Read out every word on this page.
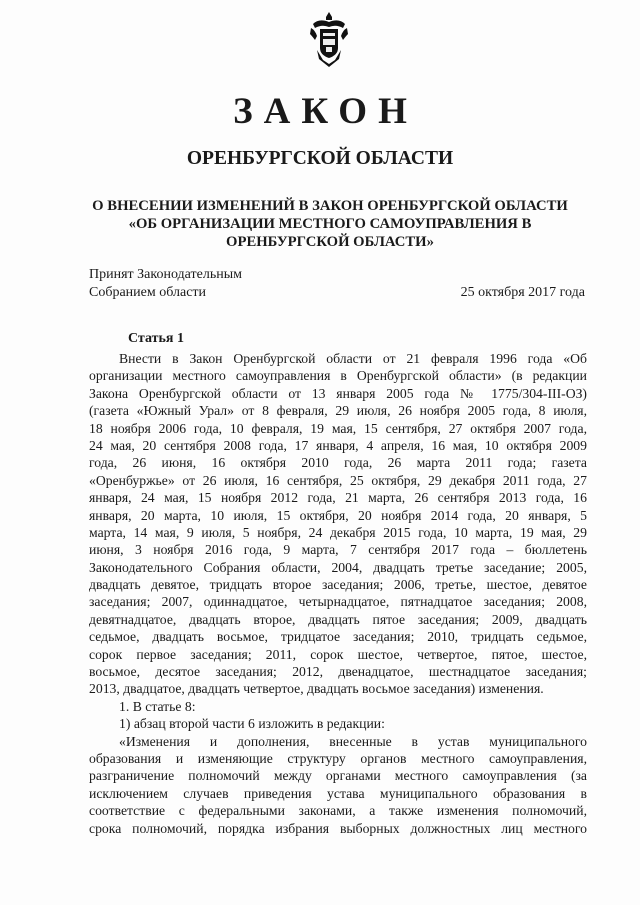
ЗАКОН
ОРЕНБУРГСКОЙ ОБЛАСТИ
О ВНЕСЕНИИ ИЗМЕНЕНИЙ В ЗАКОН ОРЕНБУРГСКОЙ ОБЛАСТИ
«ОБ ОРГАНИЗАЦИИ МЕСТНОГО САМОУПРАВЛЕНИЯ В
ОРЕНБУРГСКОЙ ОБЛАСТИ»
Принят Законодательным
Собранием области	25 октября 2017 года
Статья 1
Внести в Закон Оренбургской области от 21 февраля 1996 года «Об
организации местного самоуправления в Оренбургской области» (в редакции
Закона Оренбургской области от 13 января 2005 года № 1775/304-III-ОЗ)
(газета «Южный Урал» от 8 февраля, 29 июля, 26 ноября 2005 года, 8 июля,
18 ноября 2006 года, 10 февраля, 19 мая, 15 сентября, 27 октября 2007 года,
24 мая, 20 сентября 2008 года, 17 января, 4 апреля, 16 мая, 10 октября 2009
года, 26 июня, 16 октября 2010 года, 26 марта 2011 года; газета
«Оренбуржье» от 26 июля, 16 сентября, 25 октября, 29 декабря 2011 года, 27
января, 24 мая, 15 ноября 2012 года, 21 марта, 26 сентября 2013 года, 16
января, 20 марта, 10 июля, 15 октября, 20 ноября 2014 года, 20 января, 5
марта, 14 мая, 9 июля, 5 ноября, 24 декабря 2015 года, 10 марта, 19 мая, 29
июня, 3 ноября 2016 года, 9 марта, 7 сентября 2017 года – бюллетень
Законодательного Собрания области, 2004, двадцать третье заседание; 2005,
двадцать девятое, тридцать второе заседания; 2006, третье, шестое, девятое
заседания; 2007, одиннадцатое, четырнадцатое, пятнадцатое заседания; 2008,
девятнадцатое, двадцать второе, двадцать пятое заседания; 2009, двадцать
седьмое, двадцать восьмое, тридцатое заседания; 2010, тридцать седьмое,
сорок первое заседания; 2011, сорок шестое, четвертое, пятое, шестое,
восьмое, десятое заседания; 2012, двенадцатое, шестнадцатое заседания;
2013, двадцатое, двадцать четвертое, двадцать восьмое заседания) изменения.
1. В статье 8:
1) абзац второй части 6 изложить в редакции:
«Изменения и дополнения, внесенные в устав муниципального
образования и изменяющие структуру органов местного самоуправления,
разграничение полномочий между органами местного самоуправления (за
исключением случаев приведения устава муниципального образования в
соответствие с федеральными законами, а также изменения полномочий,
срока полномочий, порядка избрания выборных должностных лиц местного
